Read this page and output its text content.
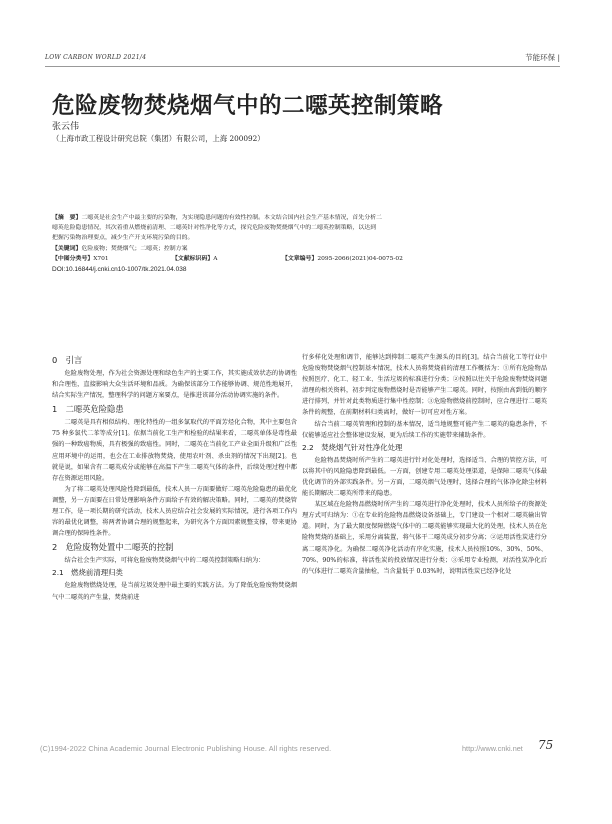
LOW CARBON WORLD 2021/4	节能环保 |
危险废物焚烧烟气中的二噁英控制策略
张云伟
（上海市政工程设计研究总院（集团）有限公司，上海 200092）
【摘　要】二噁英是社会生产中最主要的污染物，为实现隐患问题的有效性控制。本文结合国内社会生产基本情况，首先分析二
噁英危险隐患情况，其次着重从燃烧前清理、二噁英针对性净化等方式，探究危险废物焚烧烟气中的二噁英控制策略，以达到
把握污染物治理要点，减少生产开支环境污染的目的。
【关键词】危险废物；焚烧烟气；二噁英；控制方案
【中图分类号】X701	【文献标识码】A	【文章编号】2095-2066(2021)04-0075-02
DOI:10.16844/j.cnki.cn10-1007/tk.2021.04.038
0　引言

危险废物处理，作为社会资源处理和绿色生产的主要工作，其实施成效状态的协调性和合理性，直接影响大众生活环境和品质。为确保该部分工作能够协调、规范性地展开，结合实际生产情况，整理科学的问题方案要点，是推进该部分活动协调实施的条件。

1　二噁英危险隐患

二噁英是具有相似结构、理化特性的一组多氯取代的平面芳烃化合物，其中主要包含 75 种多氯代二苯等成分[1]。依据当前化工生产和检验的结果来看，二噁英单体是毒性最强的一种致癌物质，具有极强的致癌性。同时，二噁英在当前化工产业全面升级和广泛性应用环境中的运用，也会在工业排放物焚烧，使用农叶剂、杀虫剂的情况下出现[2]。也就是说，如果含有二噁英成分或能够在高温下产生二噁英气体的条件，后续处理过程中都存在资源运用风险。

为了将二噁英处理风险性降到最低，技术人员一方面要做好二噁英危险隐患的最优化调整，另一方面要在日常处理影响条件方面给予有效的解决策略。同时，二噁英的焚烧管理工作，是一项长期的研究活动，技术人员应结合社会发展的实际情况，进行各项工作内容的最优化调整，将两者协调合理的规整起来，为研究各个方面因素规整支撑，带来更协调合理的保障性条件。

2　危险废物处置中二噁英的控制

结合社会生产实际，可将危险废物焚烧烟气中的二噁英控制策略归纳为：

2.1　燃烧前清理归类

危险废物燃烧处理，是当前垃圾处理中最主要的实践方法。为了降低危险废物焚烧烟气中二噁英的产生量，焚烧前进

行多样化处理和调节，能够达到抑制二噁英产生源头的目的[3]。结合当前化工等行业中危险废物焚烧烟气控制基本情况，技术人员将焚烧前的清理工作概括为：①所有危险物品按照医疗、化工、轻工业、生活垃圾的标准进行分类；②按照以往关于危险废物焚烧问题清理的相关资料，初步判定废物燃烧时是否能够产生二噁英。同时，按照由高到低的顺序进行排列，并针对此类物质进行集中性控制；③危险物燃烧前控制时，应合理进行二噁英条件的规整，在前期材料归类离时，做好一切可应对性方案。

结合当前二噁英管理和控制的基本情况，适当地规整可能产生二噁英的隐患条件，不仅能够适应社会整体建设发展，更为后续工作的实施带来辅助条件。

2.2　焚烧烟气针对性净化处理

危险物品焚烧时所产生的二噁英进行针对化处理时，选择适当、合理的管控方法，可以将其中的风险隐患降到最低。一方面，创建专用二噁英处理渠道，是保障二噁英气体最优化调节的外部实践条件。另一方面，二噁英烟气处理时，选择合理的气体净化除尘材料能长期解决二噁英所带来的隐患。

某区域在危险物品燃烧时所产生的二噁英进行净化处理时，技术人员所给予的资源处理方式可归纳为：①在专业的危险物品燃烧设备基础上，专门建设一个相对二噁英输出管道。同时，为了最大限度保障燃烧气体中的二噁英能够实现最大化的处理，技术人员在危险物焚烧的基础上，采用分离装置，将气体干二噁英成分初步分离；②运用活性炭进行分离二噁英净化。为确保二噁英净化活动有序化实施，技术人员按照10%、30%、50%、70%、90%的标准，将活性炭的投放情况进行分类；③采用专业检测，对活性炭净化后的气体进行二噁英含量抽检，当含量低于 0.03%时，说明活性炭已经净化处

(C)1994-2022 China Academic Journal Electronic Publishing House. All rights reserved.	http://www.cnki.net 75
